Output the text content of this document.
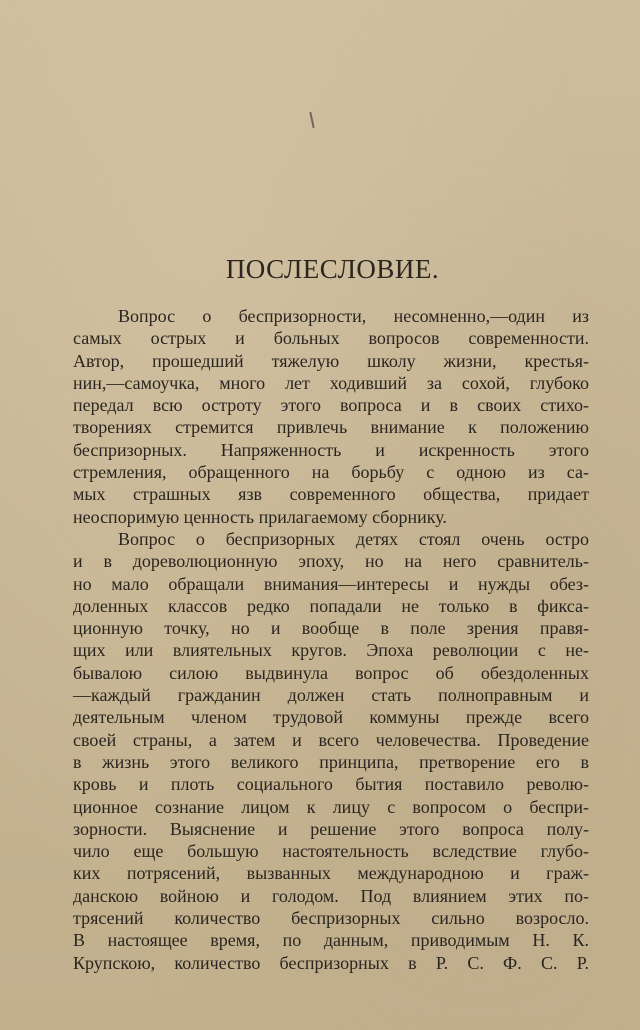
ПОСЛЕСЛОВИЕ.
Вопрос о беспризорности, несомненно,—один из
самых острых и больных вопросов современности.
Автор, прошедший тяжелую школу жизни, крестья-
нин,—самоучка, много лет ходивший за сохой, глубоко
передал всю остроту этого вопроса и в своих стихо-
творениях стремится привлечь внимание к положению
беспризорных. Напряженность и искренность этого
стремления, обращенного на борьбу с одною из са-
мых страшных язв современного общества, придает
неоспоримую ценность прилагаемому сборнику.
Вопрос о беспризорных детях стоял очень остро
и в дореволюционную эпоху, но на него сравнитель-
но мало обращали внимания—интересы и нужды обез-
доленных классов редко попадали не только в фикса-
ционную точку, но и вообще в поле зрения правя-
щих или влиятельных кругов. Эпоха революции с не-
бывалою силою выдвинула вопрос об обездоленных
—каждый гражданин должен стать полноправным и
деятельным членом трудовой коммуны прежде всего
своей страны, а затем и всего человечества. Проведение
в жизнь этого великого принципа, претворение его в
кровь и плоть социального бытия поставило револю-
ционное сознание лицом к лицу с вопросом о беспри-
зорности. Выяснение и решение этого вопроса полу-
чило еще большую настоятельность вследствие глубо-
ких потрясений, вызванных международною и граж-
данскою войною и голодом. Под влиянием этих по-
трясений количество беспризорных сильно возросло.
В настоящее время, по данным, приводимым Н. К.
Крупскою, количество беспризорных в Р. С. Ф. С. Р.
